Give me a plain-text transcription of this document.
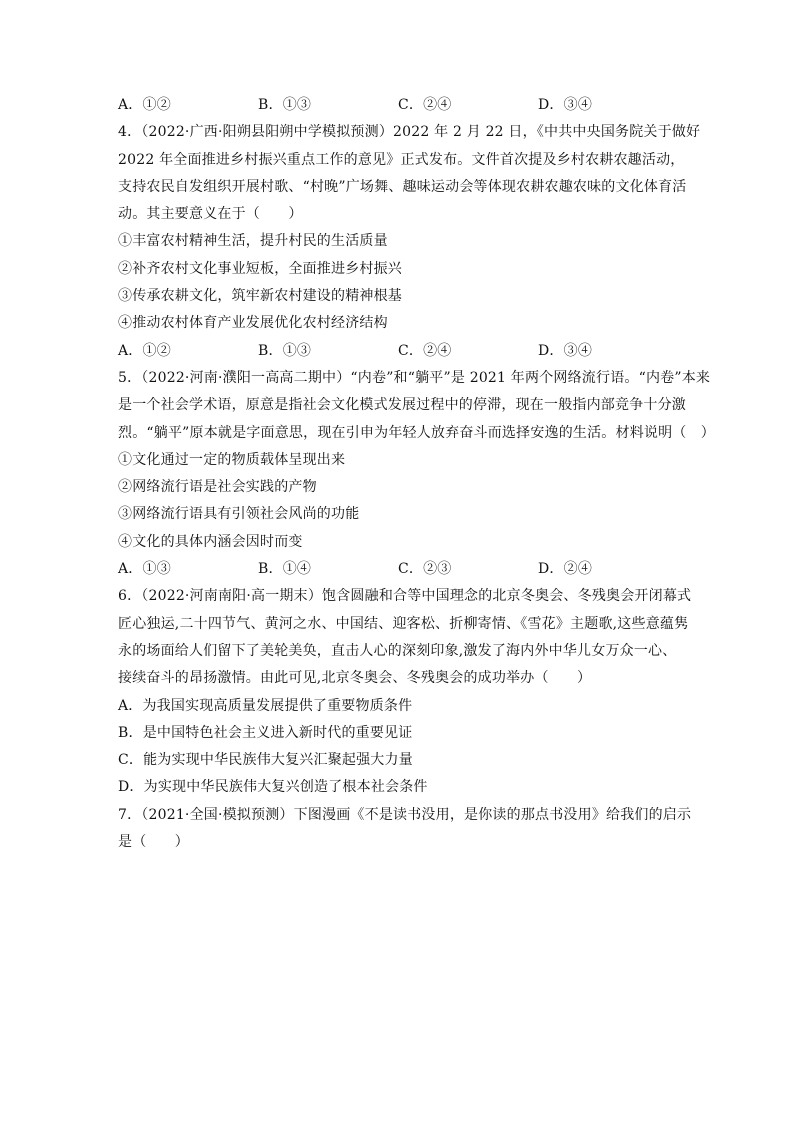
A．①②	B．①③	C．②④	D．③④
4．（2022·广西·阳朔县阳朔中学模拟预测）2022 年 2 月 22 日，《中共中央国务院关于做好
2022 年全面推进乡村振兴重点工作的意见》正式发布。文件首次提及乡村农耕农趣活动，
支持农民自发组织开展村歌、“村晚”广场舞、趣味运动会等体现农耕农趣农味的文化体育活
动。其主要意义在于（　　）
①丰富农村精神生活，提升村民的生活质量
②补齐农村文化事业短板，全面推进乡村振兴
③传承农耕文化，筑牢新农村建设的精神根基
④推动农村体育产业发展优化农村经济结构
A．①②	B．①③	C．②④	D．③④
5．（2022·河南·濮阳一高高二期中）“内卷”和“躺平”是 2021 年两个网络流行语。“内卷”本来
是一个社会学术语，原意是指社会文化模式发展过程中的停滞，现在一般指内部竞争十分激
烈。“躺平”原本就是字面意思，现在引申为年轻人放弃奋斗而选择安逸的生活。材料说明（　）
①文化通过一定的物质载体呈现出来
②网络流行语是社会实践的产物
③网络流行语具有引领社会风尚的功能
④文化的具体内涵会因时而变
A．①③	B．①④	C．②③	D．②④
6．（2022·河南南阳·高一期末）饱含圆融和合等中国理念的北京冬奥会、冬残奥会开闭幕式
匠心独运,二十四节气、黄河之水、中国结、迎客松、折柳寄情、《雪花》主题歌,这些意蕴隽
永的场面给人们留下了美轮美奂，直击人心的深刻印象,激发了海内外中华儿女万众一心、
接续奋斗的昂扬激情。由此可见,北京冬奥会、冬残奥会的成功举办（　　）
A．为我国实现高质量发展提供了重要物质条件
B．是中国特色社会主义进入新时代的重要见证
C．能为实现中华民族伟大复兴汇聚起强大力量
D．为实现中华民族伟大复兴创造了根本社会条件
7．（2021·全国·模拟预测）下图漫画《不是读书没用，是你读的那点书没用》给我们的启示
是（　　）
